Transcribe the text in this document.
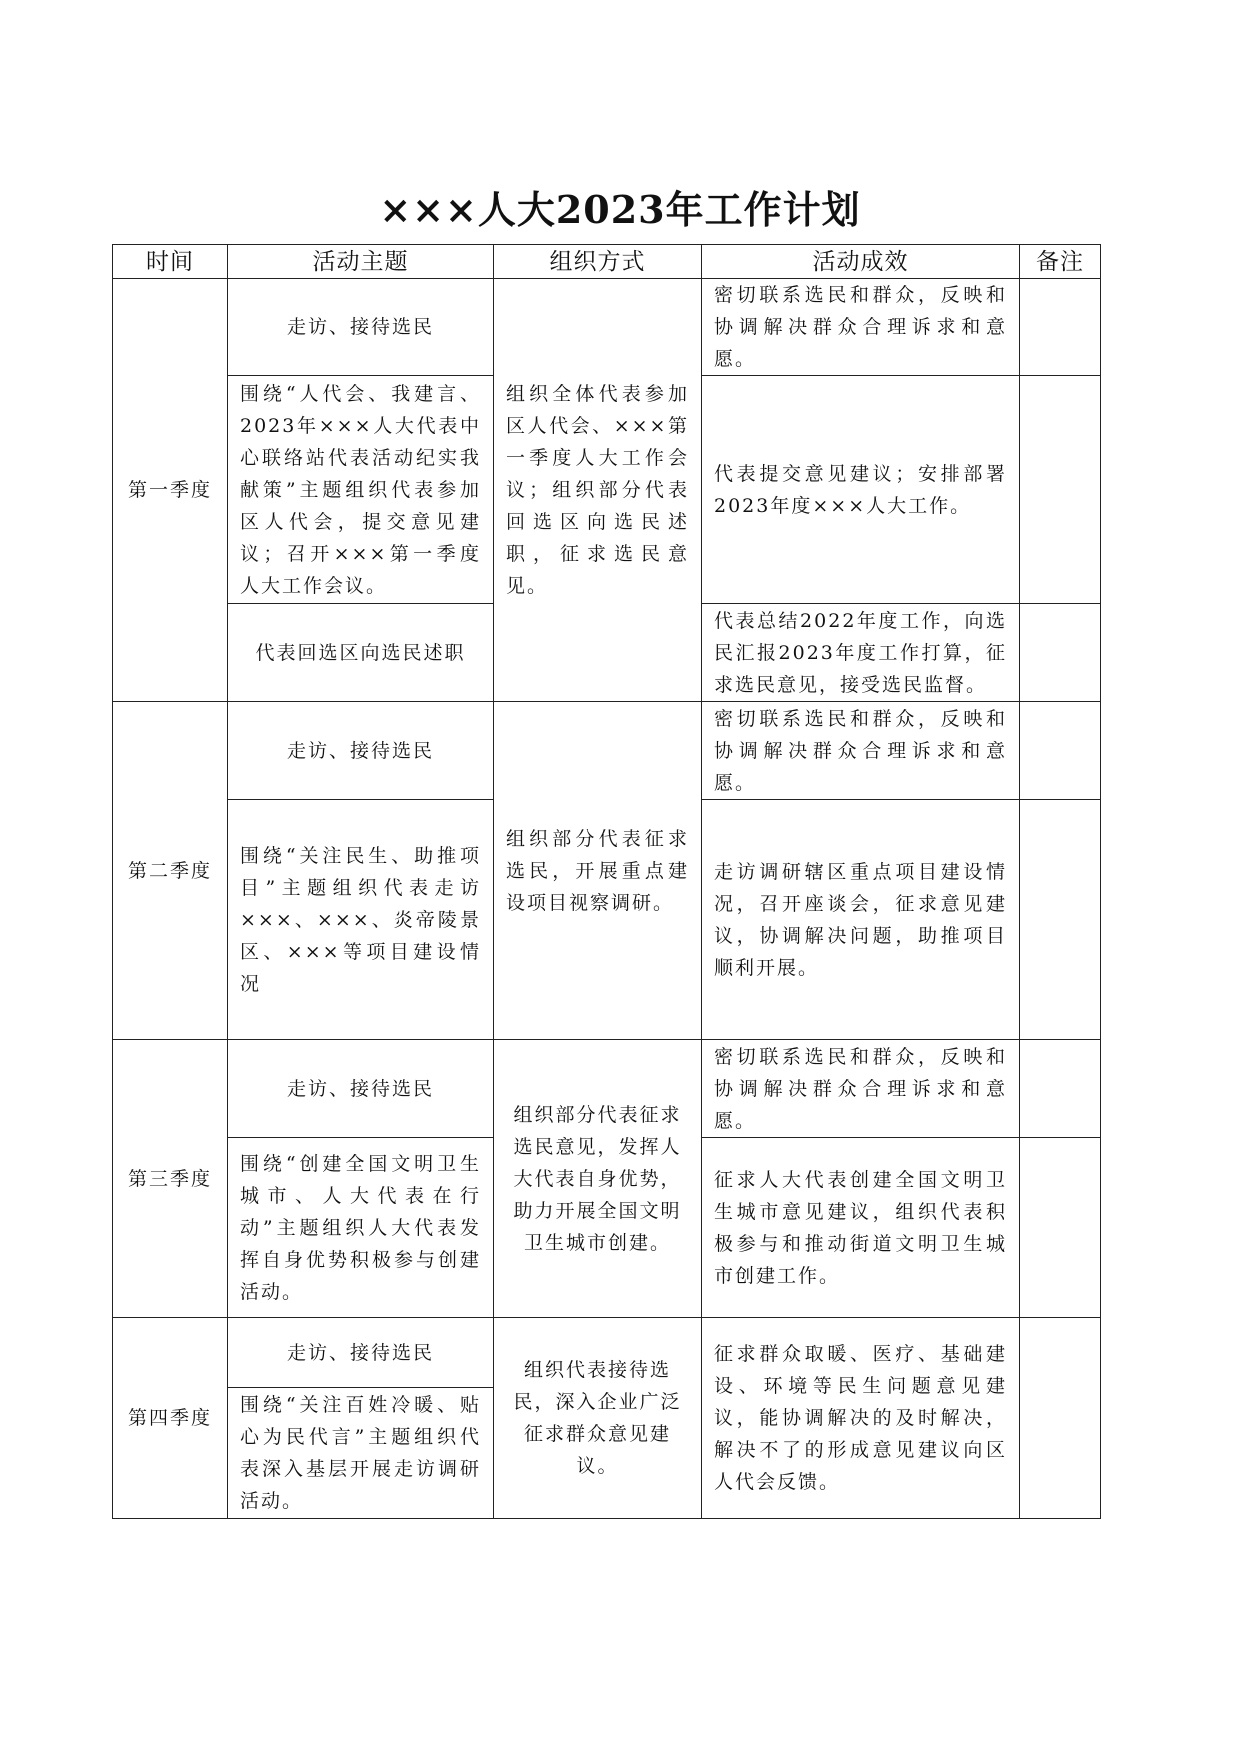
×××人大2023年工作计划
时间	活动主题	组织方式	活动成效	备注
第一季度	走访、接待选民	组织全体代表参加区人代会、×××第一季度人大工作会议；组织部分代表回选区向选民述职，征求选民意见。	密切联系选民和群众，反映和协调解决群众合理诉求和意愿。	
	围绕“人代会、我建言、2023年×××人大代表中心联络站代表活动纪实我献策”主题组织代表参加区人代会，提交意见建议；召开×××第一季度人大工作会议。		代表提交意见建议；安排部署2023年度×××人大工作。	
	代表回选区向选民述职		代表总结2022年度工作，向选民汇报2023年度工作打算，征求选民意见，接受选民监督。	
第二季度	走访、接待选民	组织部分代表征求选民，开展重点建设项目视察调研。	密切联系选民和群众，反映和协调解决群众合理诉求和意愿。	
	围绕“关注民生、助推项目”主题组织代表走访×××、×××、炎帝陵景区、×××等项目建设情况		走访调研辖区重点项目建设情况，召开座谈会，征求意见建议，协调解决问题，助推项目顺利开展。	
第三季度	走访、接待选民	组织部分代表征求选民意见，发挥人大代表自身优势，助力开展全国文明卫生城市创建。	密切联系选民和群众，反映和协调解决群众合理诉求和意愿。	
	围绕“创建全国文明卫生城市、人大代表在行动”主题组织人大代表发挥自身优势积极参与创建活动。		征求人大代表创建全国文明卫生城市意见建议，组织代表积极参与和推动街道文明卫生城市创建工作。	
第四季度	走访、接待选民	组织代表接待选民，深入企业广泛征求群众意见建议。	征求群众取暖、医疗、基础建设、环境等民生问题意见建议，能协调解决的及时解决，解决不了的形成意见建议向区人代会反馈。	
	围绕“关注百姓冷暖、贴心为民代言”主题组织代表深入基层开展走访调研活动。			
